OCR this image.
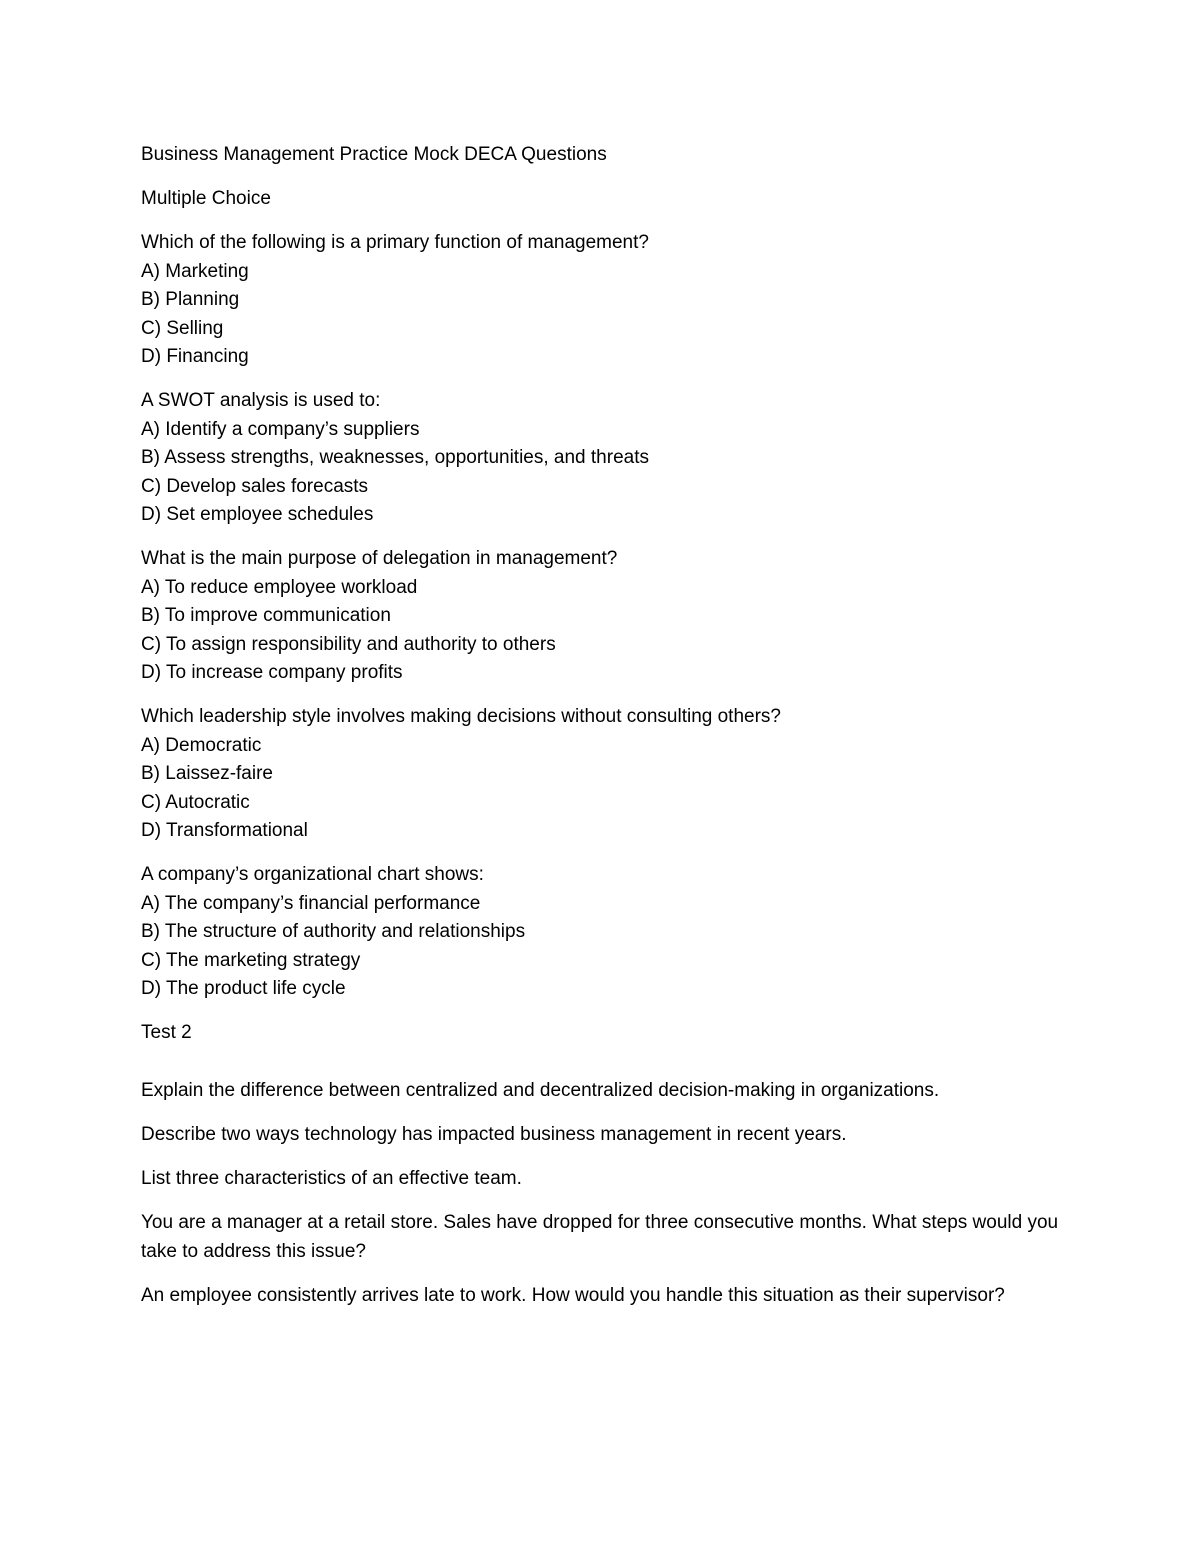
Business Management Practice Mock DECA Questions

Multiple Choice

Which of the following is a primary function of management?
A) Marketing
B) Planning
C) Selling
D) Financing
A SWOT analysis is used to:
A) Identify a company’s suppliers
B) Assess strengths, weaknesses, opportunities, and threats
C) Develop sales forecasts
D) Set employee schedules
What is the main purpose of delegation in management?
A) To reduce employee workload
B) To improve communication
C) To assign responsibility and authority to others
D) To increase company profits
Which leadership style involves making decisions without consulting others?
A) Democratic
B) Laissez-faire
C) Autocratic
D) Transformational
A company’s organizational chart shows:
A) The company’s financial performance
B) The structure of authority and relationships
C) The marketing strategy
D) The product life cycle

Test 2

Explain the difference between centralized and decentralized decision-making in organizations.

Describe two ways technology has impacted business management in recent years.

List three characteristics of an effective team.

You are a manager at a retail store. Sales have dropped for three consecutive months. What steps would you take to address this issue?

An employee consistently arrives late to work. How would you handle this situation as their supervisor?
